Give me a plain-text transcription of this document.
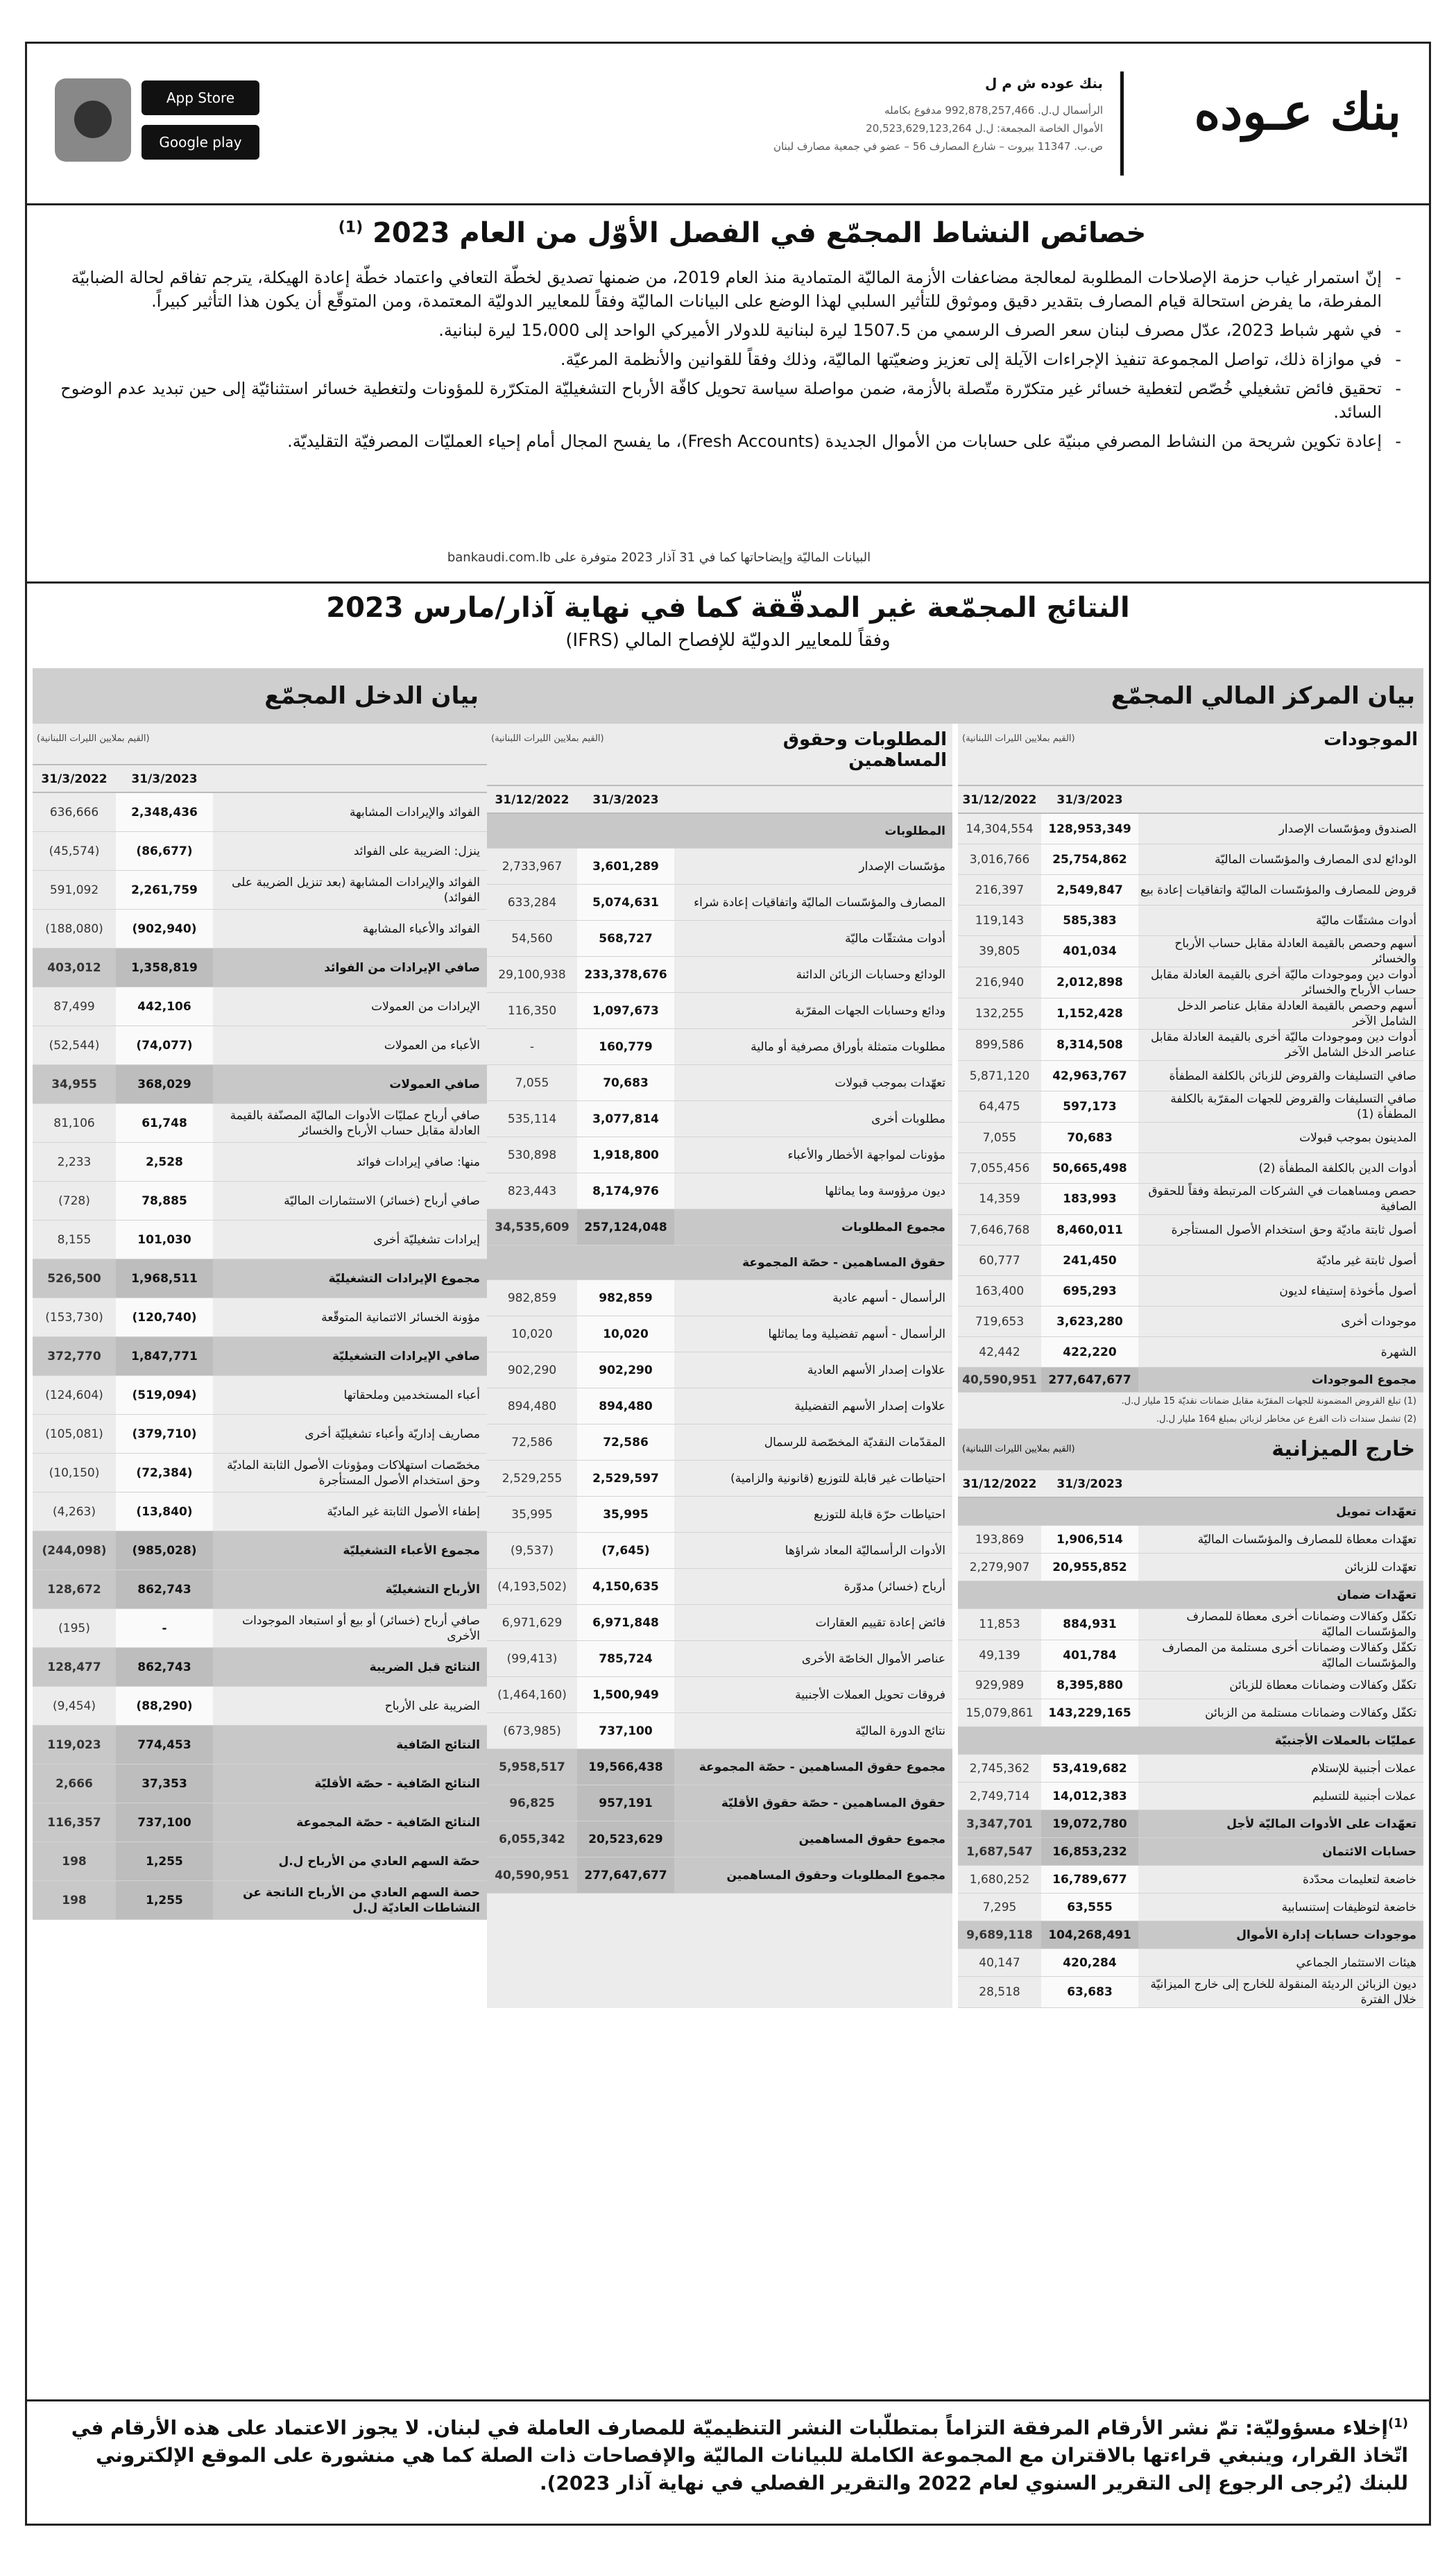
بنك عـوده
بنك عوده ش م ل
الرأسمال ل.ل. 992,878,257,466 مدفوع بكامله
الأموال الخاصة المجمعة: ل.ل 20,523,629,123,264
ص.ب. 11347 بيروت – شارع المصارف 56 – عضو في جمعية مصارف لبنان
App Store
Google play
خصائص النشاط المجمّع في الفصل الأوّل من العام 2023 $^{(1)}$
- إنّ استمرار غياب حزمة الإصلاحات المطلوبة لمعالجة مضاعفات الأزمة الماليّة المتمادية منذ العام 2019، من ضمنها تصديق لخطّة التعافي واعتماد خطّة إعادة الهيكلة، يترجم تفاقم لحالة الضبابيّة المفرطة، ما يفرض استحالة قيام المصارف بتقدير دقيق وموثوق للتأثير السلبي لهذا الوضع على البيانات الماليّة وفقاً للمعايير الدوليّة المعتمدة، ومن المتوقّع أن يكون هذا التأثير كبيراً.
- في شهر شباط 2023، عدّل مصرف لبنان سعر الصرف الرسمي من 1507.5 ليرة لبنانية للدولار الأميركي الواحد إلى 15،000 ليرة لبنانية.
- في موازاة ذلك، تواصل المجموعة تنفيذ الإجراءات الآيلة إلى تعزيز وضعيّتها الماليّة، وذلك وفقاً للقوانين والأنظمة المرعيّة.
- تحقيق فائض تشغيلي خُصّص لتغطية خسائر غير متكرّرة متّصلة بالأزمة، ضمن مواصلة سياسة تحويل كافّة الأرباح التشغيليّة المتكرّرة للمؤونات ولتغطية خسائر استثنائيّة إلى حين تبديد عدم الوضوح السائد.
- إعادة تكوين شريحة من النشاط المصرفي مبنيّة على حسابات من الأموال الجديدة (Fresh Accounts)، ما يفسح المجال أمام إحياء العمليّات المصرفيّة التقليديّة.
البيانات الماليّة وإيضاحاتها كما في 31 آذار 2023 متوفرة على bankaudi.com.lb
النتائج المجمّعة غير المدقّقة كما في نهاية آذار/مارس 2023
وفقاً للمعايير الدوليّة للإفصاح المالي (IFRS)
بيان المركز المالي المجمّع
الموجودات
(القيم بملايين الليرات اللبنانية)
31/12/2022	31/3/2023
14,304,554	128,953,349	الصندوق ومؤسّسات الإصدار
3,016,766	25,754,862	الودائع لدى المصارف والمؤسّسات الماليّة
216,397	2,549,847	قروض للمصارف والمؤسّسات الماليّة واتفاقيات إعادة بيع
119,143	585,383	أدوات مشتقّات ماليّة
39,805	401,034
أسهم وحصص بالقيمة العادلة مقابل حساب الأرباح والخسائر
216,940	2,012,898
أدوات دين وموجودات ماليّة أخرى بالقيمة العادلة مقابل حساب الأرباح والخسائر
132,255	1,152,428
أسهم وحصص بالقيمة العادلة مقابل عناصر الدخل الشامل الآخر
899,586	8,314,508
أدوات دين وموجودات ماليّة أخرى بالقيمة العادلة مقابل عناصر الدخل الشامل الآخر
5,871,120	42,963,767	صافي التسليفات والقروض للزبائن بالكلفة المطفأة
64,475	597,173
صافي التسليفات والقروض للجهات المقرّبة بالكلفة المطفأة (1)
7,055	70,683	المدينون بموجب قبولات
7,055,456	50,665,498	أدوات الدين بالكلفة المطفأة (2)
14,359	183,993
حصص ومساهمات في الشركات المرتبطة وفقاً للحقوق الصافية
7,646,768	8,460,011	أصول ثابتة ماديّة وحق استخدام الأصول المستأجرة
60,777	241,450	أصول ثابتة غير ماديّة
163,400	695,293	أصول مأخوذة إستيفاء لديون
719,653	3,623,280	موجودات أخرى
42,442	422,220	الشهرة
40,590,951 277,647,677	مجموع الموجودات
(1) تبلغ القروض المضمونة للجهات المقرّبة مقابل ضمانات نقديّة 15 مليار ل.ل.
(2) تشمل سندات ذات الفرع عن مخاطر لزبائن بمبلغ 164 مليار ل.ل.
خارج الميزانية
(القيم بملايين الليرات اللبنانية)
31/12/2022	31/3/2023
تعهّدات تمويل
193,869	1,906,514	تعهّدات معطاة للمصارف والمؤسّسات الماليّة
2,279,907	20,955,852	تعهّدات للزبائن
تعهّدات ضمان
11,853	884,931
تكفّل وكفالات وضمانات أخرى معطاة للمصارف والمؤسّسات الماليّة
49,139	401,784
تكفّل وكفالات وضمانات أخرى مستلمة من المصارف والمؤسّسات الماليّة
929,989	8,395,880	تكفّل وكفالات وضمانات معطاة للزبائن
15,079,861	143,229,165	تكفّل وكفالات وضمانات مستلمة من الزبائن
عمليّات بالعملات الأجنبيّة
2,745,362	53,419,682	عملات أجنبية للإستلام
2,749,714	14,012,383	عملات أجنبية للتسليم
3,347,701	19,072,780	تعهّدات على الأدوات الماليّة لأجل
1,687,547	16,853,232	حسابات الائتمان
1,680,252	16,789,677	خاضعة لتعليمات محدّدة
7,295	63,555	خاضعة لتوظيفات إستنسابية
9,689,118	104,268,491	موجودات حسابات إدارة الأموال
40,147	420,284	هيئات الاستثمار الجماعي
28,518	63,683
ديون الزبائن الرديئة المنقولة للخارج إلى خارج الميزانيّة خلال الفترة
المطلوبات وحقوق المساهمين
(القيم بملايين الليرات اللبنانية)
31/12/2022	31/3/2023
المطلوبات
2,733,967	3,601,289	مؤسّسات الإصدار
633,284	5,074,631	المصارف والمؤسّسات الماليّة واتفاقيات إعادة شراء
54,560	568,727	أدوات مشتقّات ماليّة
29,100,938	233,378,676	الودائع وحسابات الزبائن الدائنة
116,350	1,097,673	ودائع وحسابات الجهات المقرّبة
-	160,779	مطلوبات متمثلة بأوراق مصرفية أو مالية
7,055	70,683	تعهّدات بموجب قبولات
535,114	3,077,814	مطلوبات أخرى
530,898	1,918,800	مؤونات لمواجهة الأخطار والأعباء
823,443	8,174,976	ديون مرؤوسة وما يماثلها
34,535,609	257,124,048	مجموع المطلوبات
حقوق المساهمين - حصّة المجموعة
982,859	982,859	الرأسمال - أسهم عادية
10,020	10,020	الرأسمال - أسهم تفضيلية وما يماثلها
902,290	902,290	علاوات إصدار الأسهم العادية
894,480	894,480	علاوات إصدار الأسهم التفضيلية
72,586	72,586	المقدّمات النقديّة المخصّصة للرسمال
2,529,255	2,529,597	احتياطات غير قابلة للتوزيع (قانونية والزامية)
35,995	35,995	احتياطات حرّة قابلة للتوزيع
(9,537)	(7,645)	الأدوات الرأسماليّة المعاد شراؤها
(4,193,502)	4,150,635	أرباح (خسائر) مدوّرة
6,971,629	6,971,848	فائض إعادة تقييم العقارات
(99,413)	785,724	عناصر الأموال الخاصّة الأخرى
(1,464,160)	1,500,949	فروقات تحويل العملات الأجنبية
(673,985)	737,100	نتائج الدورة الماليّة
5,958,517	19,566,438	مجموع حقوق المساهمين - حصّة المجموعة
96,825	957,191	حقوق المساهمين - حصّة حقوق الأقليّة
6,055,342	20,523,629	مجموع حقوق المساهمين
40,590,951	277,647,677	مجموع المطلوبات وحقوق المساهمين
بيان الدخل المجمّع
(القيم بملايين الليرات اللبنانية)
31/3/2022	31/3/2023
636,666	2,348,436	الفوائد والإيرادات المشابهة
(45,574)	(86,677)	ينزل: الضريبة على الفوائد
591,092	2,261,759
الفوائد والإيرادات المشابهة (بعد تنزيل الضريبة على الفوائد)
(188,080)	(902,940)	الفوائد والأعباء المشابهة
403,012	1,358,819	صافي الإيرادات من الفوائد
87,499	442,106	الإيرادات من العمولات
(52,544)	(74,077)	الأعباء من العمولات
34,955	368,029	صافي العمولات
81,106	61,748
صافي أرباح عمليّات الأدوات الماليّة المصنّفة بالقيمة العادلة مقابل حساب الأرباح والخسائر
2,233	2,528	منها: صافي إيرادات فوائد
(728)	78,885	صافي أرباح (خسائر) الاستثمارات الماليّة
8,155	101,030	إيرادات تشغيليّة أخرى
526,500	1,968,511	مجموع الإيرادات التشغيليّة
(153,730)	(120,740)	مؤونة الخسائر الائتمانية المتوقّعة
372,770	1,847,771	صافي الإيرادات التشغيليّة
(124,604)	(519,094)	أعباء المستخدمين وملحقاتها
(105,081)	(379,710)	مصاريف إداريّة وأعباء تشغيليّة أخرى
(10,150)	(72,384)
مخصّصات استهلاكات ومؤونات الأصول الثابتة الماديّة وحق استخدام الأصول المستأجرة
(4,263)	(13,840)	إطفاء الأصول الثابتة غير الماديّة
(244,098)	(985,028)	مجموع الأعباء التشغيليّة
128,672	862,743	الأرباح التشغيليّة
(195)	-
صافي أرباح (خسائر) أو بيع أو استبعاد الموجودات الأخرى
128,477	862,743	النتائج قبل الضريبة
(9,454)	(88,290)	الضريبة على الأرباح
119,023	774,453	النتائج الصّافية
2,666	37,353	النتائج الصّافية - حصّة الأقليّة
116,357	737,100	النتائج الصّافية - حصّة المجموعة
198	1,255	حصّة السهم العادي من الأرباح ل.ل
198	1,255
حصة السهم العادي من الأرباح الناتجة عن النشاطات العاديّة ل.ل
$^{(1)}$إخلاء مسؤوليّة: تمّ نشر الأرقام المرفقة التزاماً بمتطلّبات النشر التنظيميّة للمصارف العاملة في لبنان. لا يجوز الاعتماد على هذه الأرقام في اتّخاذ القرار، وينبغي قراءتها بالاقتران مع المجموعة الكاملة للبيانات الماليّة والإفصاحات ذات الصلة كما هي منشورة على الموقع الإلكتروني للبنك (يُرجى الرجوع إلى التقرير السنوي لعام 2022 والتقرير الفصلي في نهاية آذار 2023).
